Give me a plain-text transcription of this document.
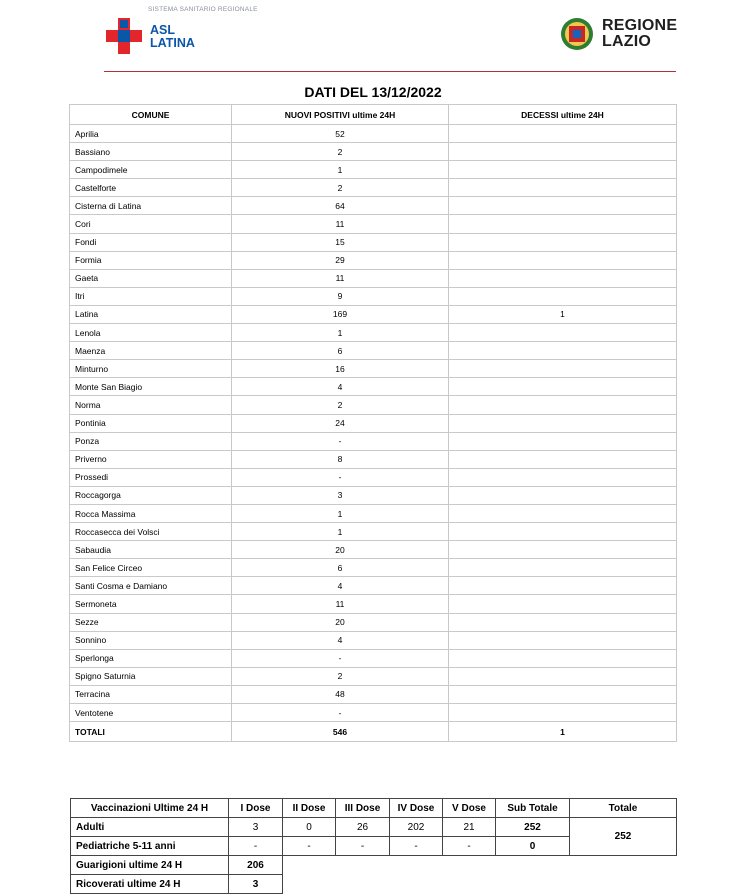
SISTEMA SANITARIO REGIONALE
ASL
LATINA
REGIONE
LAZIO
DATI DEL 13/12/2022
COMUNE	NUOVI POSITIVI ultime 24H	DECESSI ultime 24H
Aprilia	52	
Bassiano	2	
Campodimele	1	
Castelforte	2	
Cisterna di Latina	64	
Cori	11	
Fondi	15	
Formia	29	
Gaeta	11	
Itri	9	
Latina	169	1
Lenola	1	
Maenza	6	
Minturno	16	
Monte San Biagio	4	
Norma	2	
Pontinia	24	
Ponza	-	
Priverno	8	
Prossedi	-	
Roccagorga	3	
Rocca Massima	1	
Roccasecca dei Volsci	1	
Sabaudia	20	
San Felice Circeo	6	
Santi Cosma e Damiano	4	
Sermoneta	11	
Sezze	20	
Sonnino	4	
Sperlonga	-	
Spigno Saturnia	2	
Terracina	48	
Ventotene	-	
TOTALI	546	1
Vaccinazioni Ultime 24 H	I Dose	II Dose	III Dose	IV Dose	V Dose	Sub Totale	Totale
Adulti	3	0	26	202	21	252	252
Pediatriche 5-11 anni	-	-	-	-	-	0	
Guarigioni ultime 24 H	206						
Ricoverati ultime 24 H	3						
